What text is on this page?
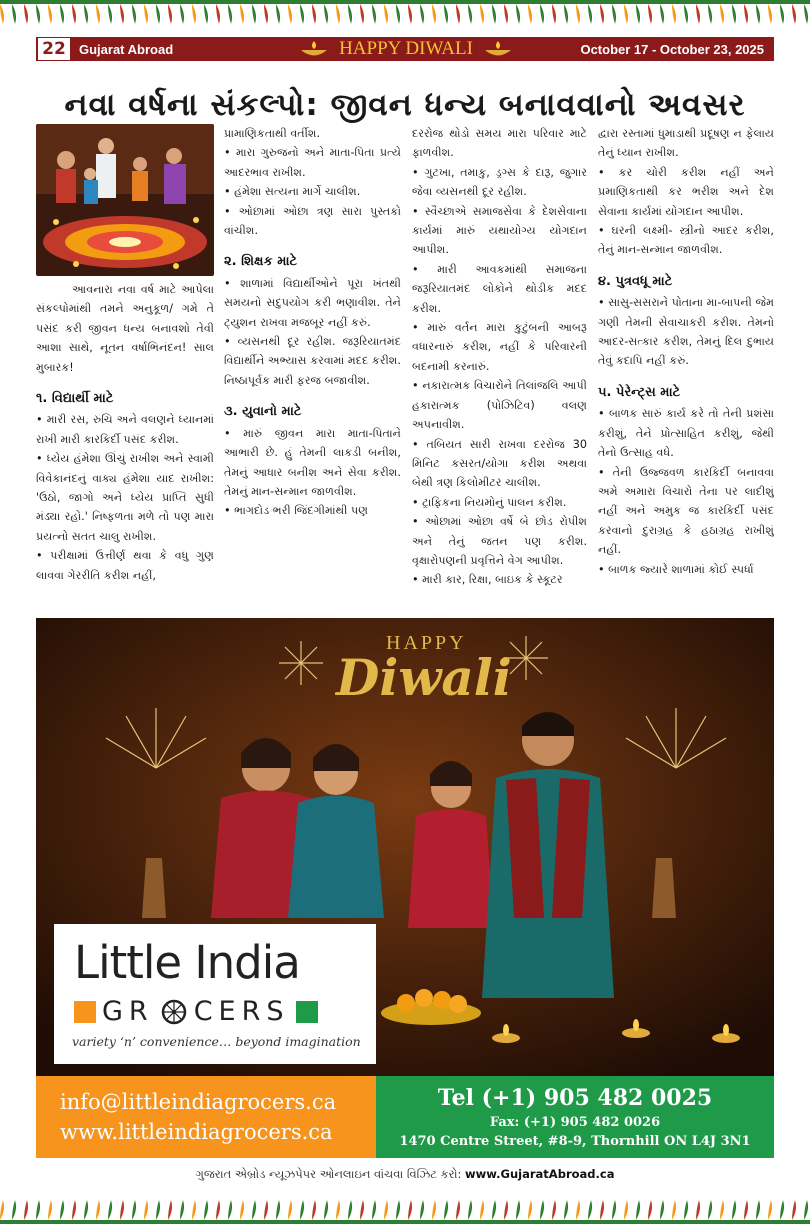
22	Gujarat Abroad	HAPPY DIWALI	October 17 - October 23, 2025
નવા વર્ષના સંકલ્પો: જીવન ધન્ય બનાવવાનો અવસર

આવનારા નવા વર્ષ માટે આપેલા સંકલ્પોમાંથી તમને અનુકૂળ/ ગમે તે પસંદ કરી જીવન ધન્ય બનાવશો તેવી આશા સાથે, નૂતન વર્ષાભિનંદન! સાલ મુબારક!

૧. વિદ્યાર્થી માટે

• મારી રસ, રુચિ અને વલણને ધ્યાનમાં રાખી મારી કારકિર્દી પસંદ કરીશ.

• ધ્યેય હંમેશા ઊંચું રાખીશ અને સ્વામી વિવેકાનંદનું વાક્ય હંમેશા યાદ રાખીશ: 'ઉઠો, જાગો અને ધ્યેય પ્રાપ્તિ સુધી મંડ્યા રહો.' નિષ્ફળતા મળે તો પણ મારા પ્રયત્નો સતત ચાલુ રાખીશ.

• પરીક્ષામાં ઉત્તીર્ણ થવા કે વધુ ગુણ લાવવા ગેરરીતિ કરીશ નહીં,

પ્રામાણિકતાથી વર્તીશ.

• મારા ગુરુજનો અને માતા-પિતા પ્રત્યે આદરભાવ રાખીશ.

• હંમેશા સત્યના માર્ગે ચાલીશ.

• ઓછામાં ઓછા ત્રણ સારા પુસ્તકો વાંચીશ.

૨. શિક્ષક માટે

• શાળામાં વિદ્યાર્થીઓને પૂરા ખંતથી સમયનો સદુપયોગ કરી ભણાવીશ. તેને ટ્યુશન રાખવા મજબૂર નહીં કરું.

• વ્યસનથી દૂર રહીશ. જરૂરિયાતમંદ વિદ્યાર્થીને અભ્યાસ કરવામાં મદદ કરીશ. નિષ્ઠાપૂર્વક મારી ફરજ બજાવીશ.

૩. યુવાનો માટે

• મારું જીવન મારા માતા-પિતાને આભારી છે. હું તેમની લાકડી બનીશ, તેમનું આધાર બનીશ અને સેવા કરીશ. તેમનું માન-સન્માન જાળવીશ.

• ભાગદોડ ભરી જિંદગીમાંથી પણ

દરરોજ થોડો સમય મારા પરિવાર માટે ફાળવીશ.

• ગુટખા, તમાકુ, ડ્રગ્સ કે દારૂ, જુગાર જેવા વ્યસનથી દૂર રહીશ.

• સ્વૈચ્છાએ સમાજસેવા કે દેશસેવાના કાર્યમાં મારું યથાયોગ્ય યોગદાન આપીશ.

• મારી આવકમાંથી સમાજના જરૂરિયાતમંદ લોકોને થોડીક મદદ કરીશ.

• મારું વર્તન મારા કુટુંબની આબરૂ વધારનારું કરીશ, નહીં કે પરિવારની બદનામી કરનારું.

• નકારાત્મક વિચારોને તિલાંજલિ આપી હકારાત્મક (પોઝિટિવ) વલણ અપનાવીશ.

• તબિયત સારી રાખવા દરરોજ 30 મિનિટ કસરત/યોગા કરીશ અથવા બેથી ત્રણ કિલોમીટર ચાલીશ.

• ટ્રાફિકના નિયમોનું પાલન કરીશ.

• ઓછામાં ઓછા વર્ષે બે છોડ રોપીશ અને તેનું જતન પણ કરીશ. વૃક્ષારોપણની પ્રવૃત્તિને વેગ આપીશ.

• મારી કાર, રિક્ષા, બાઇક કે સ્કૂટર

દ્વારા રસ્તામાં ધુમાડાથી પ્રદૂષણ ન ફેલાય તેનું ધ્યાન રાખીશ.

• કર ચોરી કરીશ નહીં અને પ્રમાણિકતાથી કર ભરીશ અને દેશ સેવાના કાર્યમાં યોગદાન આપીશ.

• ઘરની લક્ષ્મી- સ્ત્રીનો આદર કરીશ, તેનું માન-સન્માન જાળવીશ.

૪. પુત્રવધૂ માટે

• સાસુ-સસરાને પોતાના મા-બાપની જેમ ગણી તેમની સેવાચાકરી કરીશ. તેમનો આદર-સત્કાર કરીશ, તેમનું દિલ દુભાય તેવું કદાપિ નહીં કરું.

૫. પેરેન્ટ્સ માટે

• બાળક સારું કાર્ય કરે તો તેની પ્રશંસા કરીશું, તેને પ્રોત્સાહિત કરીશું, જેથી તેનો ઉત્સાહ વધે.

• તેની ઉજ્જવળ કારકિર્દી બનાવવા અમે અમારા વિચારો તેના પર લાદીશું નહીં અને અમુક જ કારકિર્દી પસંદ કરવાનો દુરાગ્રહ કે હઠાગ્રહ રાખીશું નહીં.

• બાળક જ્યારે શાળામાં કોઈ સ્પર્ધા

HAPPY
Diwali
Little India
GR CERS
variety ‘n’ convenience… beyond imagination
info@littleindiagrocers.ca
www.littleindiagrocers.ca
Tel (+1) 905 482 0025
Fax: (+1) 905 482 0026
1470 Centre Street, #8-9, Thornhill ON L4J 3N1
ગુજરાત એબ્રોડ ન્યૂઝપેપર ઓનલાઇન વાંચવા વિઝિટ કરો: www.GujaratAbroad.ca
